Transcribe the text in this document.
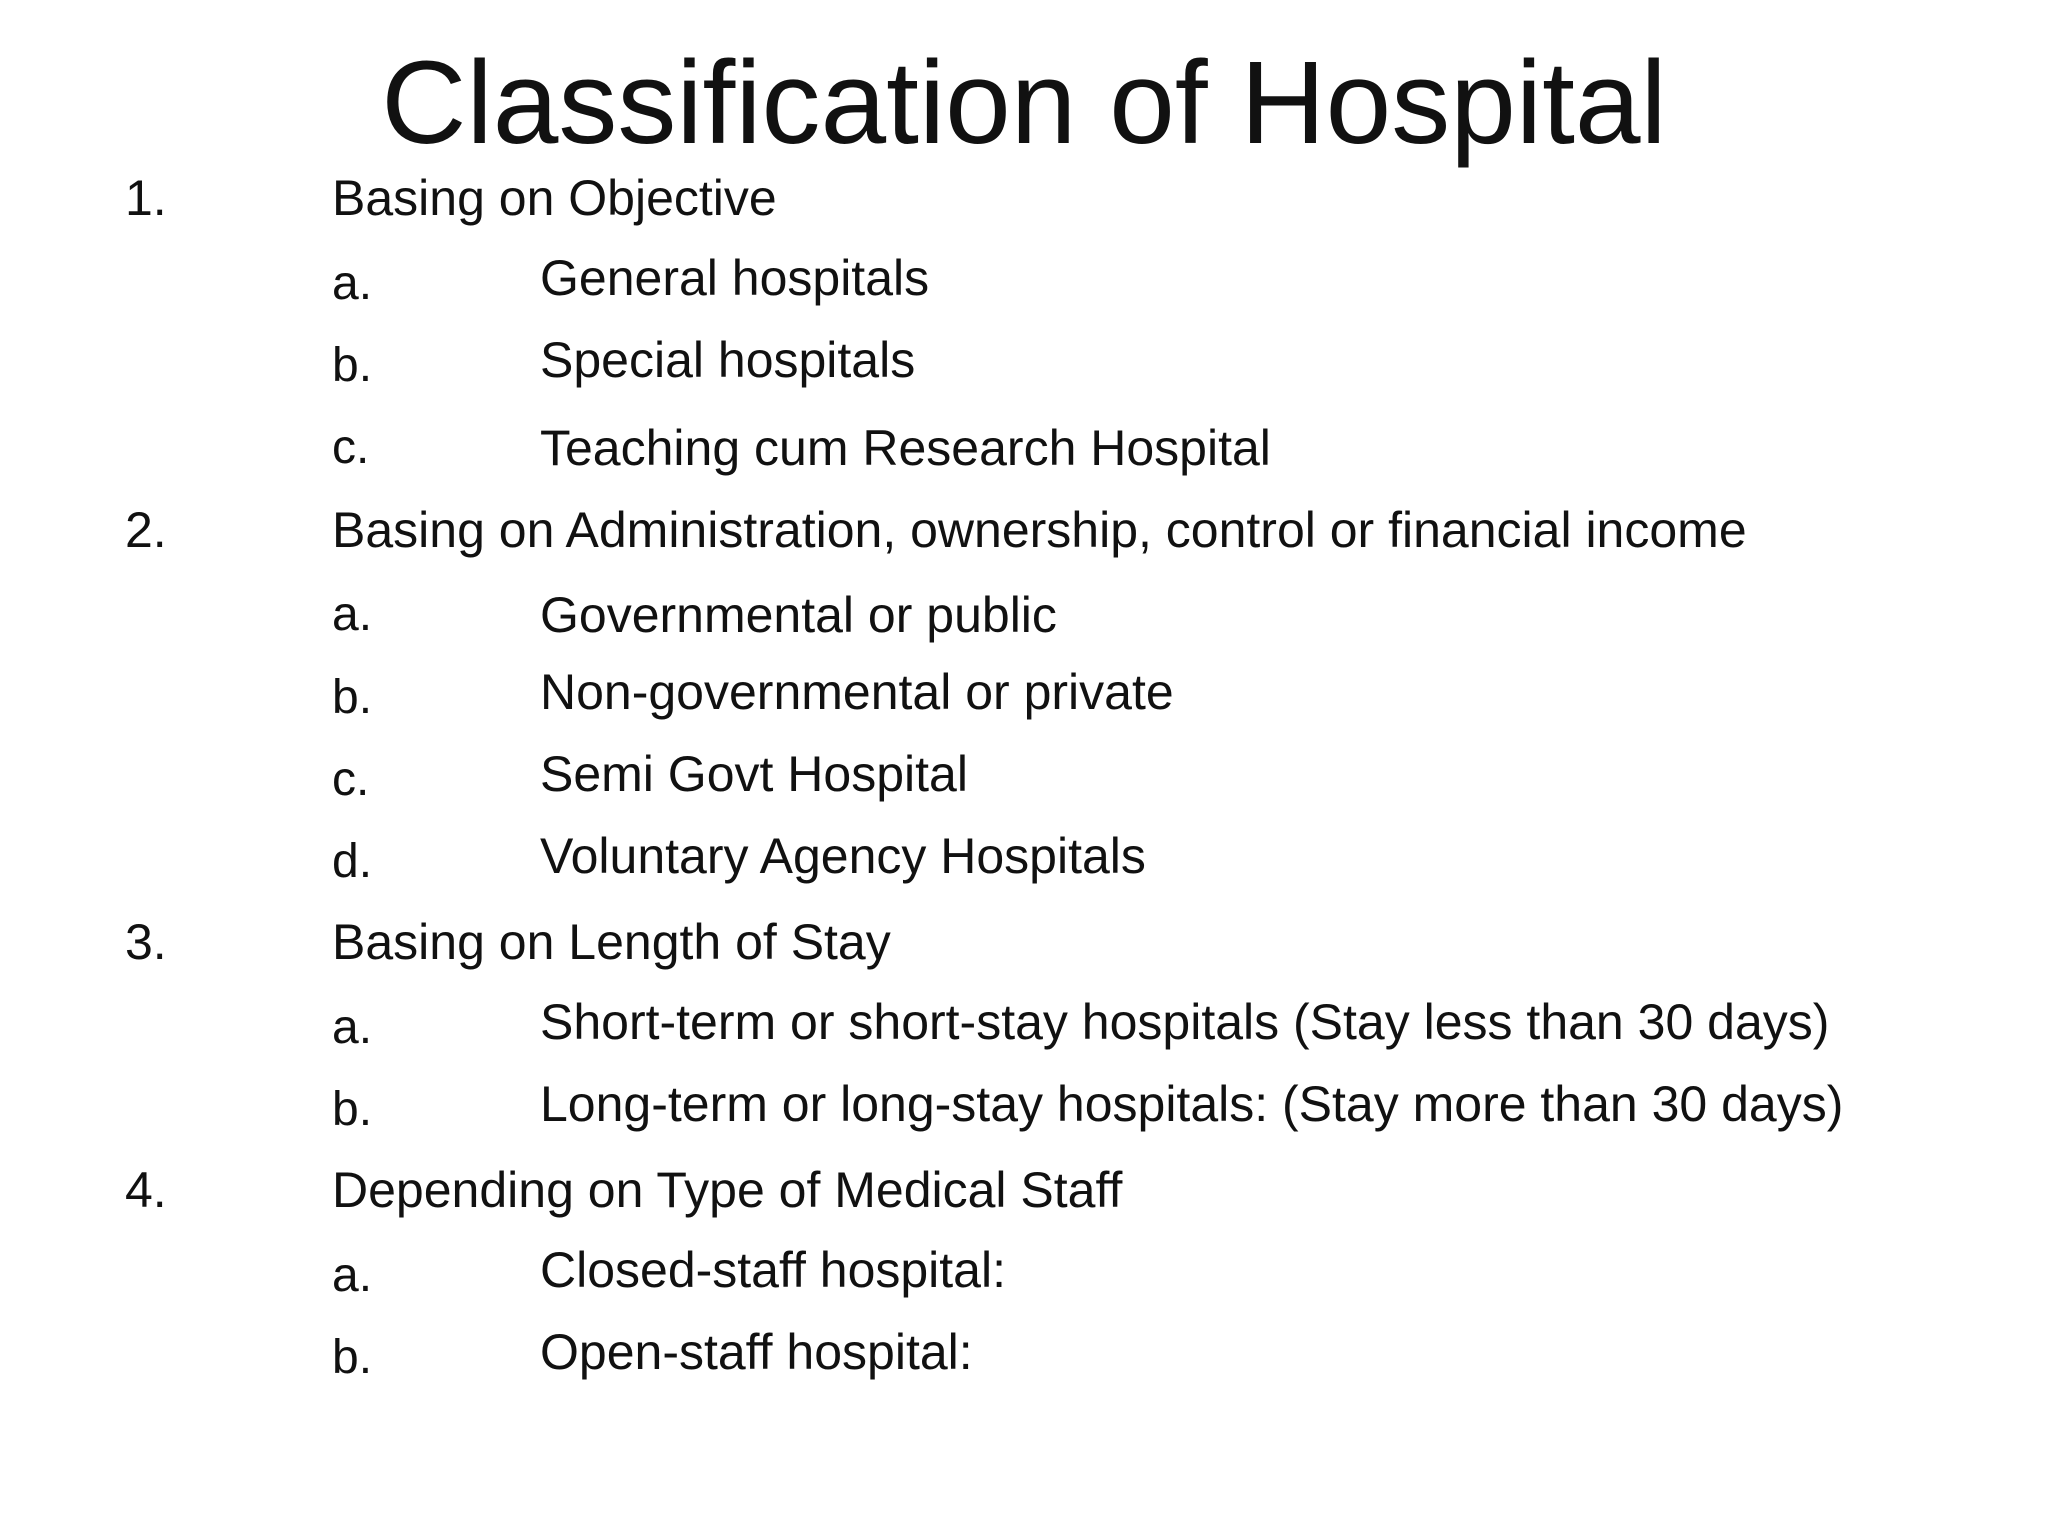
Classification of Hospital
1.	Basing on Objective
a.	General hospitals
b.	Special hospitals
c.	Teaching cum Research Hospital
2.	Basing on Administration, ownership, control or financial income
a.	Governmental or public
b.	Non-governmental or private
c.	Semi Govt Hospital
d.	Voluntary Agency Hospitals
3.	Basing on Length of Stay
a.	Short-term or short-stay hospitals (Stay less than 30 days)
b.	Long-term or long-stay hospitals: (Stay more than 30 days)
4.	Depending on Type of Medical Staff
a.	Closed-staff hospital:
b.	Open-staff hospital:
